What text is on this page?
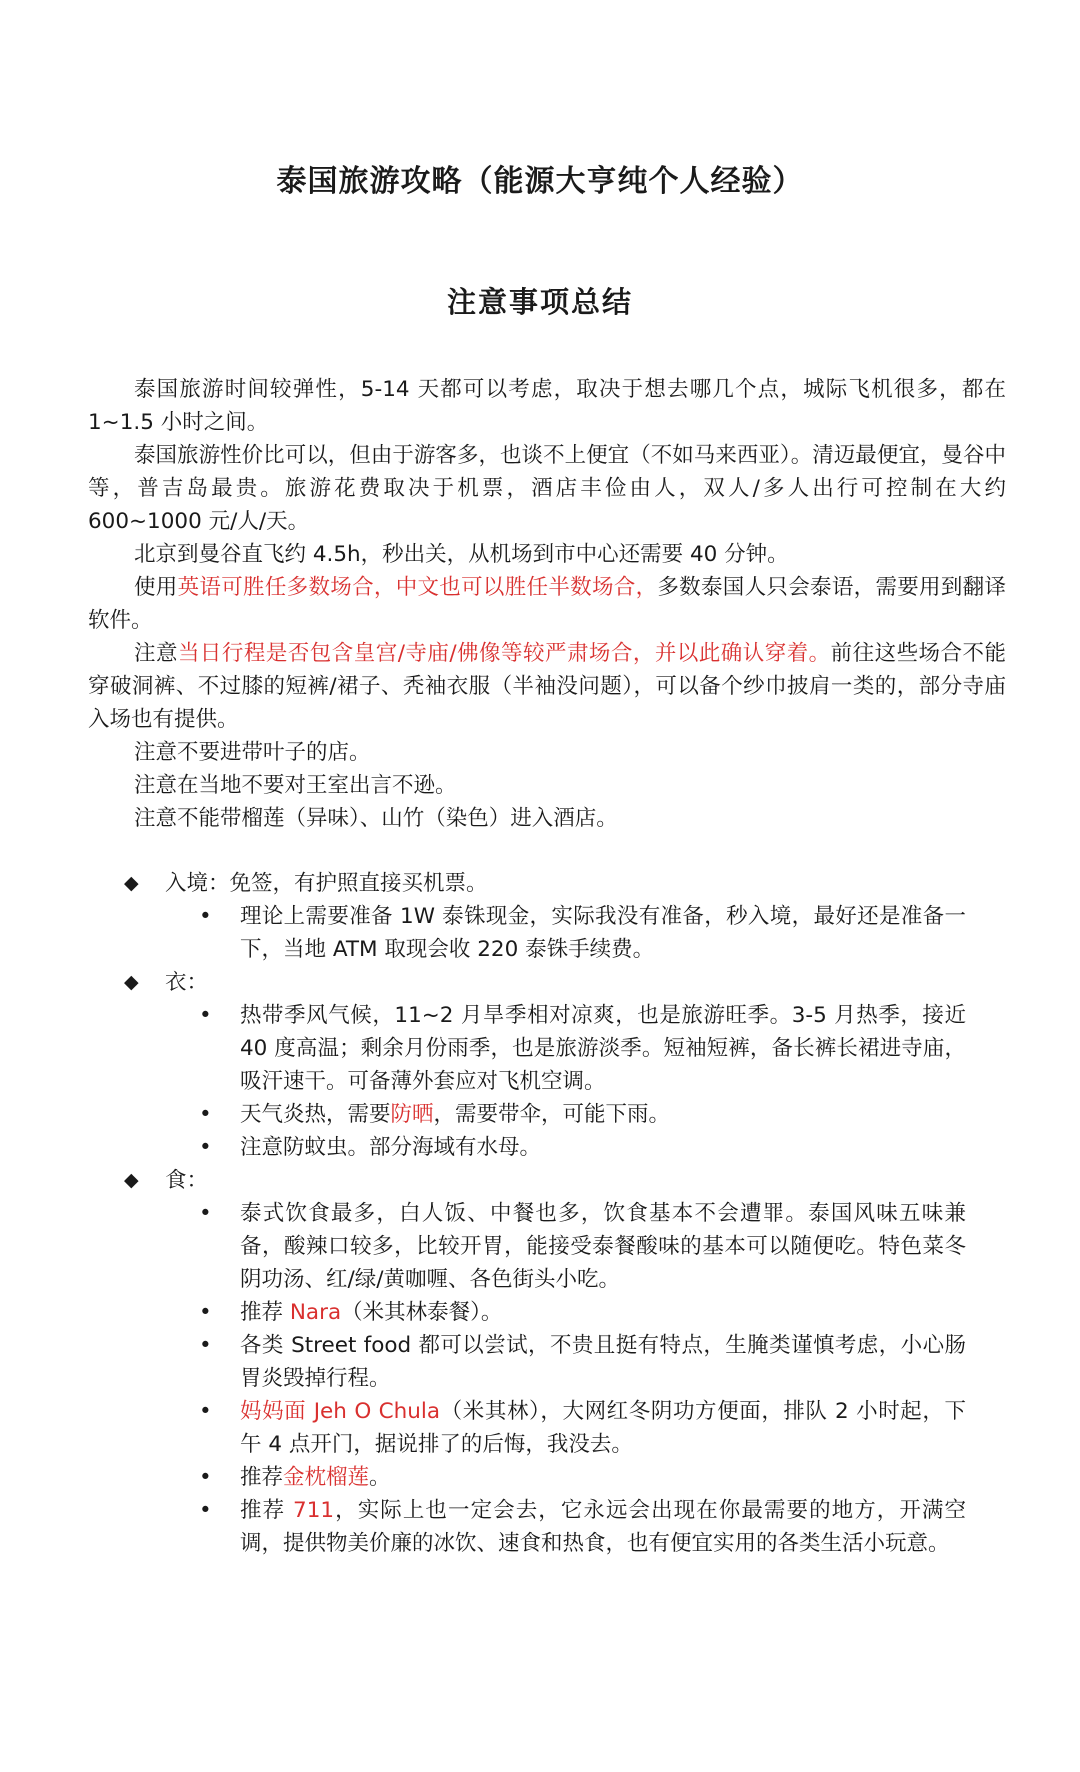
泰国旅游攻略（能源大亨纯个人经验）
注意事项总结

泰国旅游时间较弹性，5-14 天都可以考虑，取决于想去哪几个点，城际飞机很多，都在 1~1.5 小时之间。

泰国旅游性价比可以，但由于游客多，也谈不上便宜（不如马来西亚）。清迈最便宜，曼谷中等，普吉岛最贵。旅游花费取决于机票，酒店丰俭由人，双人/多人出行可控制在大约 600~1000 元/人/天。

北京到曼谷直飞约 4.5h，秒出关，从机场到市中心还需要 40 分钟。

使用英语可胜任多数场合，中文也可以胜任半数场合，多数泰国人只会泰语，需要用到翻译软件。

注意当日行程是否包含皇宫/寺庙/佛像等较严肃场合，并以此确认穿着。前往这些场合不能穿破洞裤、不过膝的短裤/裙子、秃袖衣服（半袖没问题），可以备个纱巾披肩一类的，部分寺庙入场也有提供。

注意不要进带叶子的店。

注意在当地不要对王室出言不逊。

注意不能带榴莲（异味）、山竹（染色）进入酒店。

◆ 入境：免签，有护照直接买机票。
• 理论上需要准备 1W 泰铢现金，实际我没有准备，秒入境，最好还是准备一下，当地 ATM 取现会收 220 泰铢手续费。
◆ 衣：
• 热带季风气候，11~2 月旱季相对凉爽，也是旅游旺季。3-5 月热季，接近 40 度高温；剩余月份雨季，也是旅游淡季。短袖短裤，备长裤长裙进寺庙，吸汗速干。可备薄外套应对飞机空调。
• 天气炎热，需要防晒，需要带伞，可能下雨。
• 注意防蚊虫。部分海域有水母。
◆ 食：
• 泰式饮食最多，白人饭、中餐也多，饮食基本不会遭罪。泰国风味五味兼备，酸辣口较多，比较开胃，能接受泰餐酸味的基本可以随便吃。特色菜冬阴功汤、红/绿/黄咖喱、各色街头小吃。
• 推荐 Nara（米其林泰餐）。
• 各类 Street food 都可以尝试，不贵且挺有特点，生腌类谨慎考虑，小心肠胃炎毁掉行程。
• 妈妈面 Jeh O Chula（米其林），大网红冬阴功方便面，排队 2 小时起，下午 4 点开门，据说排了的后悔，我没去。
• 推荐金枕榴莲。
• 推荐 711，实际上也一定会去，它永远会出现在你最需要的地方，开满空调，提供物美价廉的冰饮、速食和热食，也有便宜实用的各类生活小玩意。
